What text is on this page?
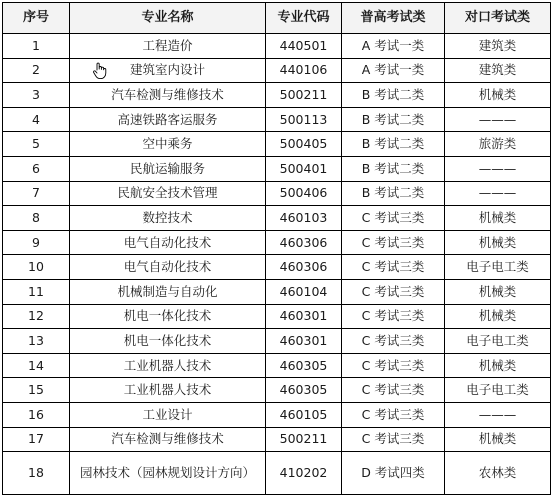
序号	专业名称	专业代码	普高考试类	对口考试类
1	工程造价	440501	A 考试一类	建筑类
2	建筑室内设计	440106	A 考试一类	建筑类
3	汽车检测与维修技术	500211	B 考试二类	机械类
4	高速铁路客运服务	500113	B 考试二类	———
5	空中乘务	500405	B 考试二类	旅游类
6	民航运输服务	500401	B 考试二类	———
7	民航安全技术管理	500406	B 考试二类	———
8	数控技术	460103	C 考试三类	机械类
9	电气自动化技术	460306	C 考试三类	机械类
10	电气自动化技术	460306	C 考试三类	电子电工类
11	机械制造与自动化	460104	C 考试三类	机械类
12	机电一体化技术	460301	C 考试三类	机械类
13	机电一体化技术	460301	C 考试三类	电子电工类
14	工业机器人技术	460305	C 考试三类	机械类
15	工业机器人技术	460305	C 考试三类	电子电工类
16	工业设计	460105	C 考试三类	———
17	汽车检测与维修技术	500211	C 考试三类	机械类
18	园林技术（园林规划设计方向）	410202	D 考试四类	农林类
